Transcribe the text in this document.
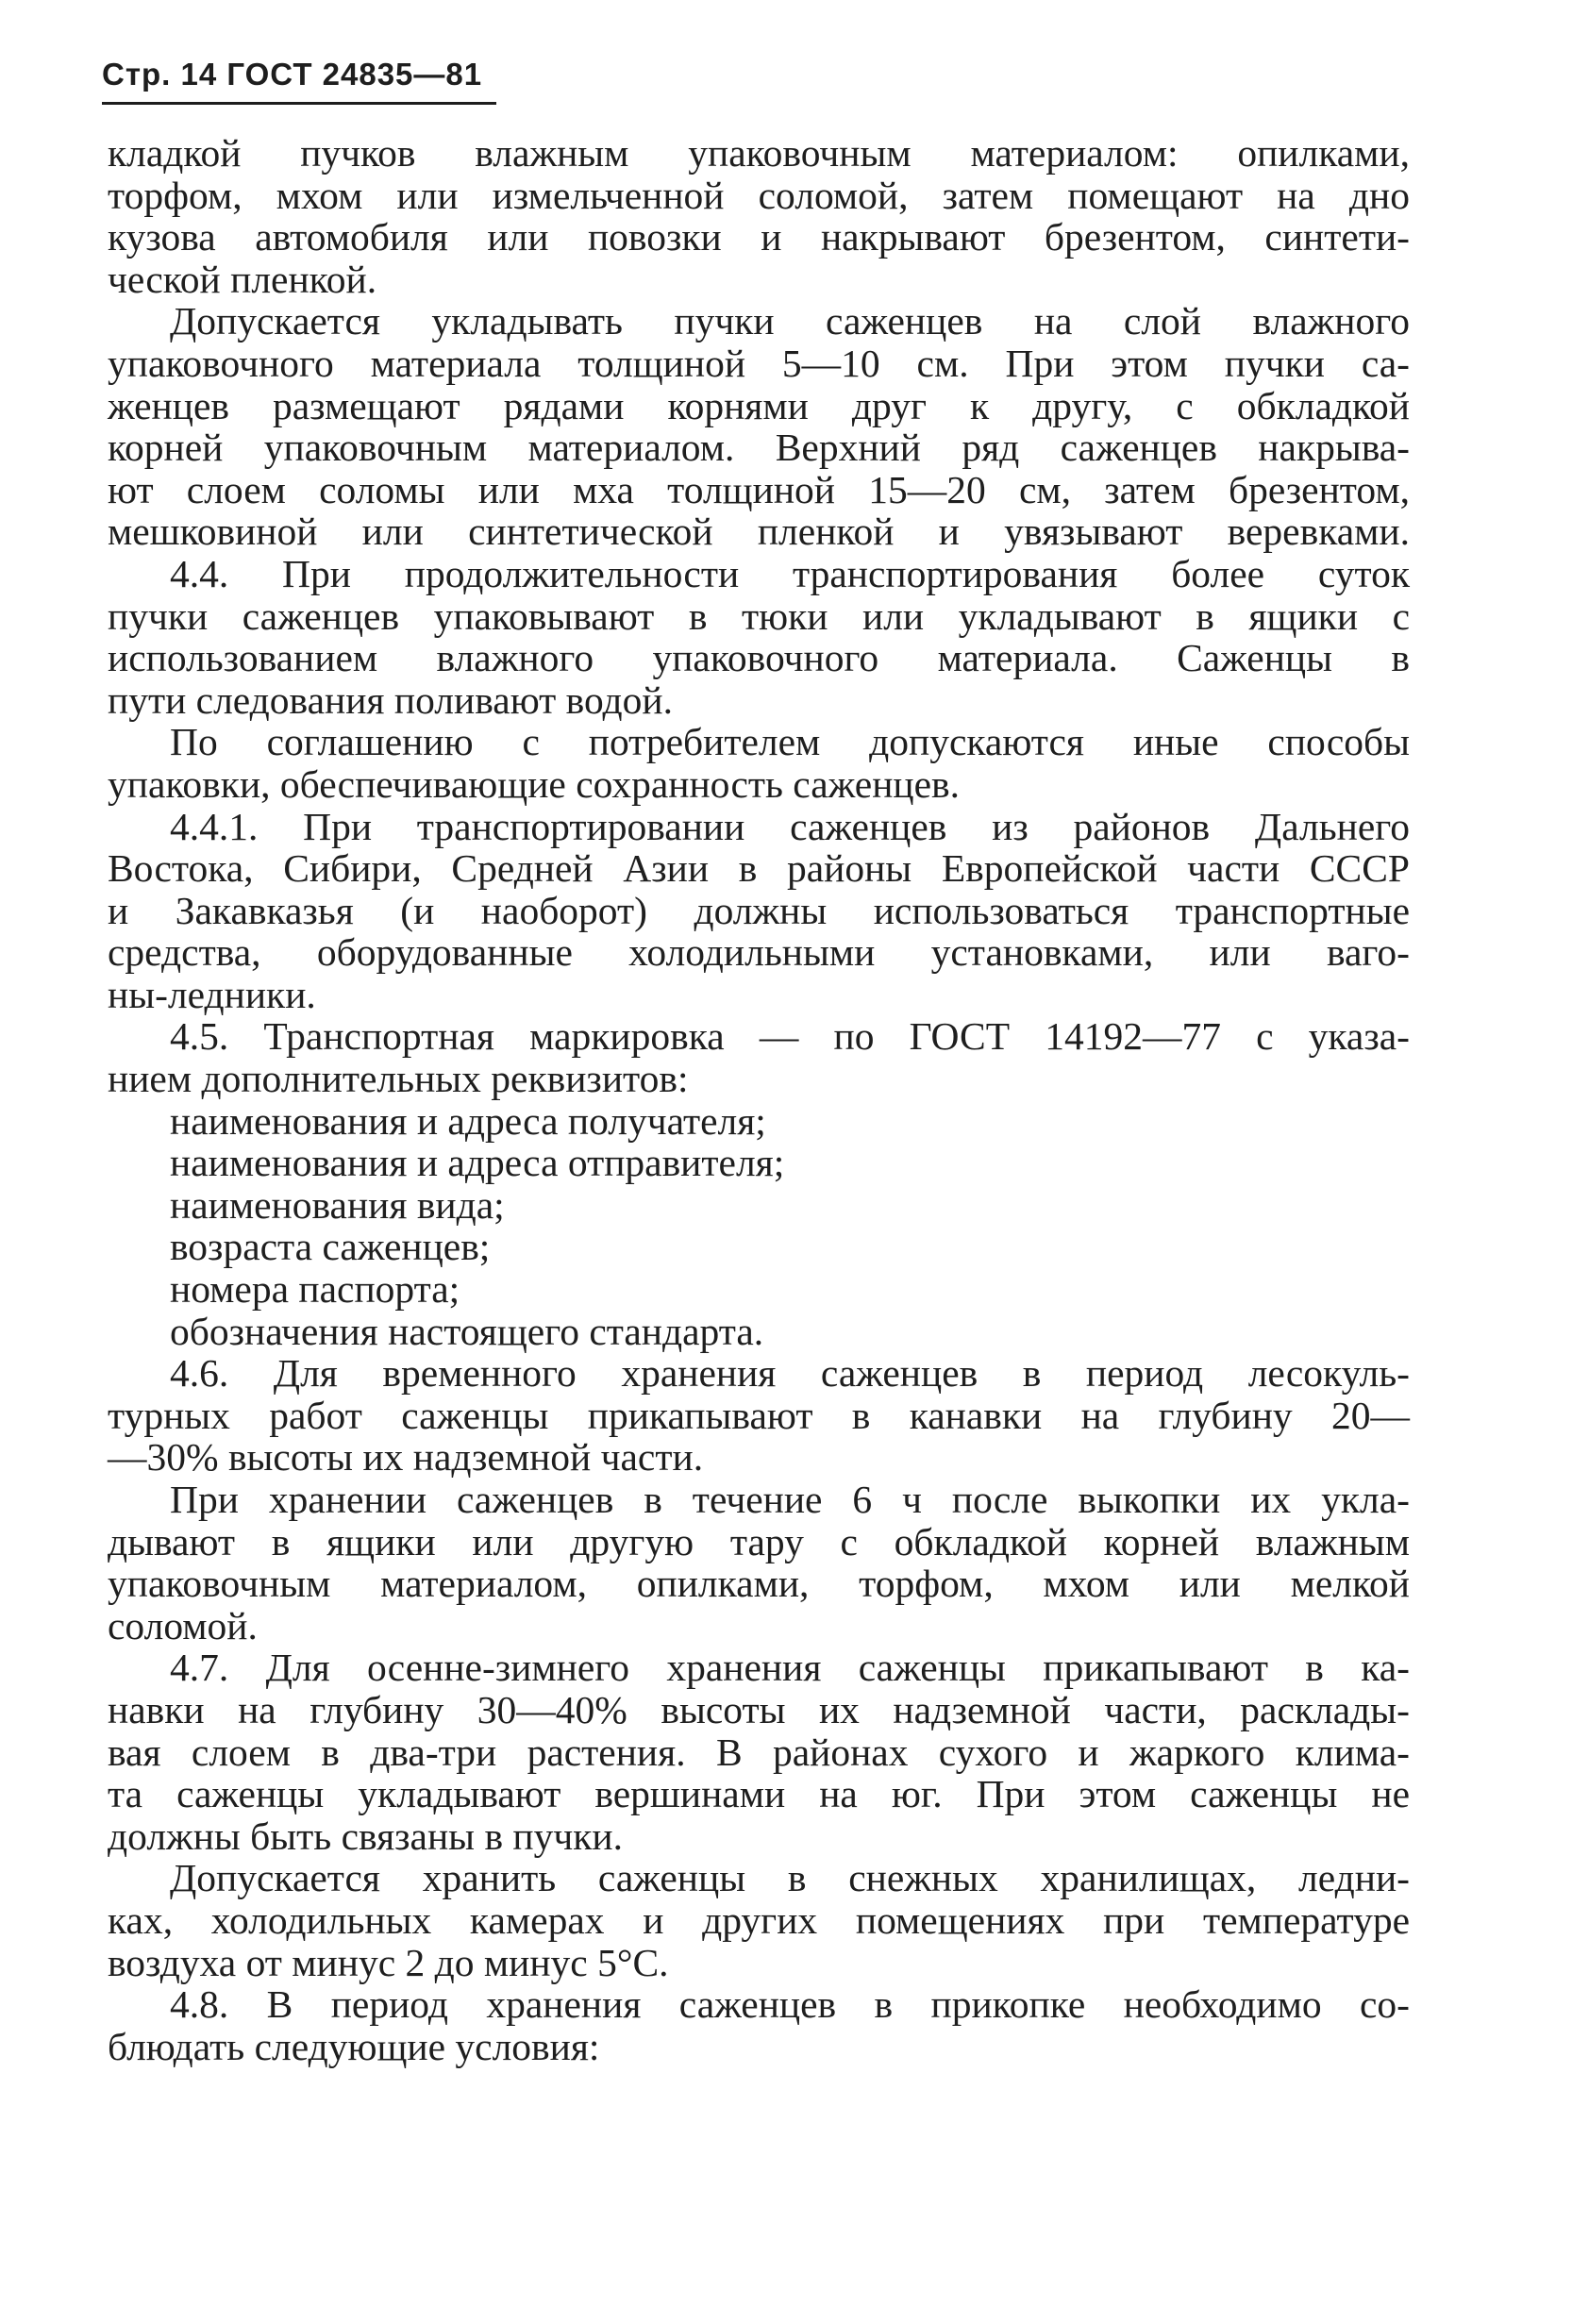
Стр. 14 ГОСТ 24835—81
кладкой пучков влажным упаковочным материалом: опилками,
торфом, мхом или измельченной соломой, затем помещают на дно
кузова автомобиля или повозки и накрывают брезентом, синтети-
ческой пленкой.
Допускается укладывать пучки саженцев на слой влажного
упаковочного материала толщиной 5—10 см. При этом пучки са-
женцев размещают рядами корнями друг к другу, с обкладкой
корней упаковочным материалом. Верхний ряд саженцев накрыва-
ют слоем соломы или мха толщиной 15—20 см, затем брезентом,
мешковиной или синтетической пленкой и увязывают веревками.
4.4. При продолжительности транспортирования более суток
пучки саженцев упаковывают в тюки или укладывают в ящики с
использованием влажного упаковочного материала. Саженцы в
пути следования поливают водой.
По соглашению с потребителем допускаются иные способы
упаковки, обеспечивающие сохранность саженцев.
4.4.1. При транспортировании саженцев из районов Дальнего
Востока, Сибири, Средней Азии в районы Европейской части СССР
и Закавказья (и наоборот) должны использоваться транспортные
средства, оборудованные холодильными установками, или ваго-
ны-ледники.
4.5. Транспортная маркировка — по ГОСТ 14192—77 с указа-
нием дополнительных реквизитов:
наименования и адреса получателя;
наименования и адреса отправителя;
наименования вида;
возраста саженцев;
номера паспорта;
обозначения настоящего стандарта.
4.6. Для временного хранения саженцев в период лесокуль-
турных работ саженцы прикапывают в канавки на глубину 20—
—30% высоты их надземной части.
При хранении саженцев в течение 6 ч после выкопки их укла-
дывают в ящики или другую тару с обкладкой корней влажным
упаковочным материалом, опилками, торфом, мхом или мелкой
соломой.
4.7. Для осенне-зимнего хранения саженцы прикапывают в ка-
навки на глубину 30—40% высоты их надземной части, расклады-
вая слоем в два-три растения. В районах сухого и жаркого клима-
та саженцы укладывают вершинами на юг. При этом саженцы не
должны быть связаны в пучки.
Допускается хранить саженцы в снежных хранилищах, ледни-
ках, холодильных камерах и других помещениях при температуре
воздуха от минус 2 до минус 5°С.
4.8. В период хранения саженцев в прикопке необходимо со-
блюдать следующие условия:
